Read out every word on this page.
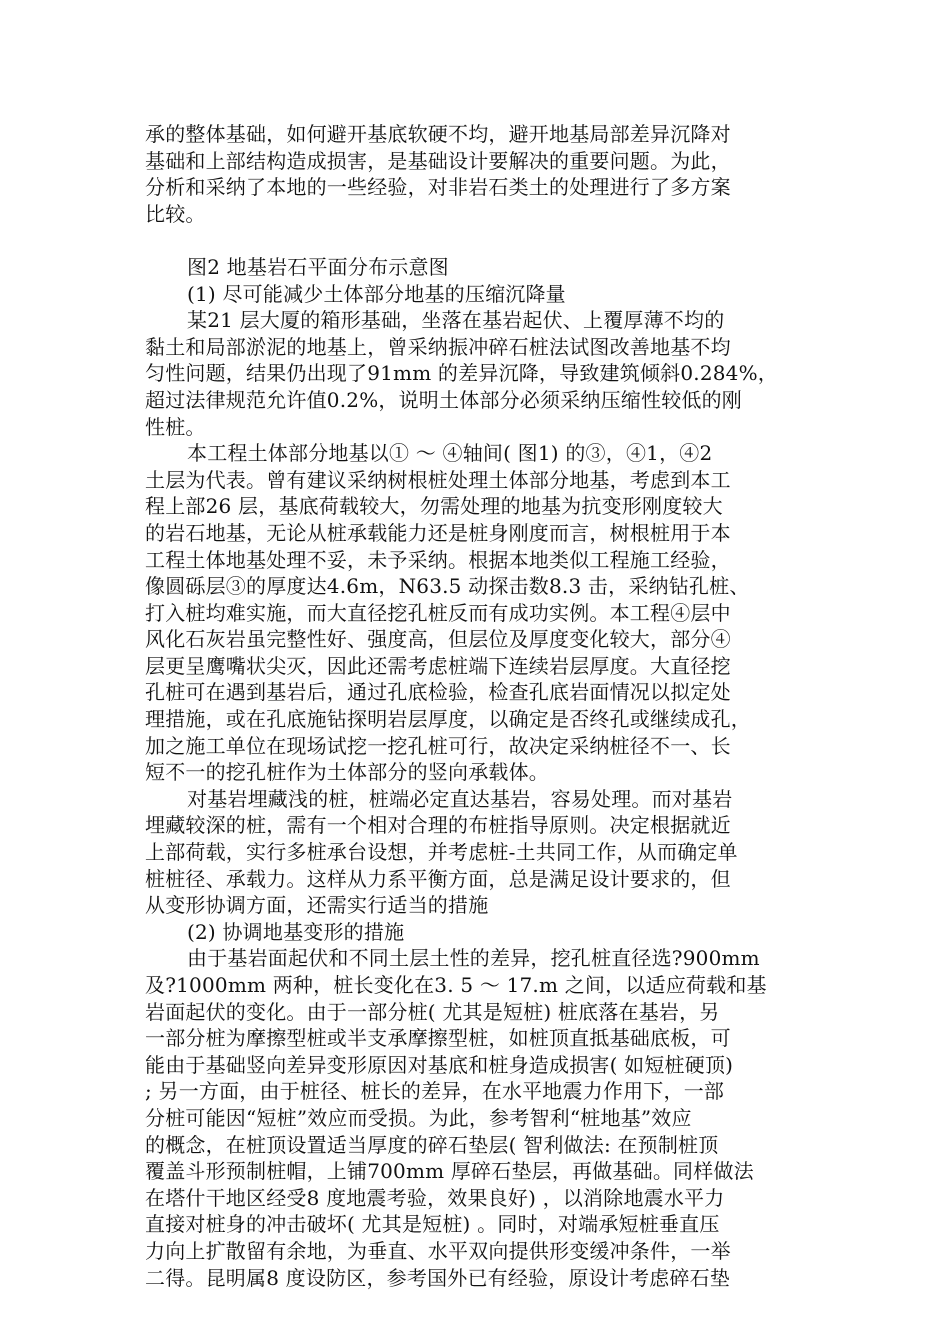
承的整体基础，如何避开基底软硬不均，避开地基局部差异沉降对
基础和上部结构造成损害，是基础设计要解决的重要问题。为此，
分析和采纳了本地的一些经验，对非岩石类土的处理进行了多方案
比较。
图2 地基岩石平面分布示意图
(1) 尽可能减少土体部分地基的压缩沉降量
某21 层大厦的箱形基础，坐落在基岩起伏、上覆厚薄不均的
黏土和局部淤泥的地基上，曾采纳振冲碎石桩法试图改善地基不均
匀性问题，结果仍出现了91mm 的差异沉降，导致建筑倾斜0.284%，
超过法律规范允许值0.2%，说明土体部分必须采纳压缩性较低的刚
性桩。
本工程土体部分地基以① ～ ④轴间( 图1) 的③，④1，④2
土层为代表。曾有建议采纳树根桩处理土体部分地基，考虑到本工
程上部26 层，基底荷载较大，勿需处理的地基为抗变形刚度较大
的岩石地基，无论从桩承载能力还是桩身刚度而言，树根桩用于本
工程土体地基处理不妥，未予采纳。根据本地类似工程施工经验，
像圆砾层③的厚度达4.6m，N63.5 动探击数8.3 击，采纳钻孔桩、
打入桩均难实施，而大直径挖孔桩反而有成功实例。本工程④层中
风化石灰岩虽完整性好、强度高，但层位及厚度变化较大，部分④
层更呈鹰嘴状尖灭，因此还需考虑桩端下连续岩层厚度。大直径挖
孔桩可在遇到基岩后，通过孔底检验，检查孔底岩面情况以拟定处
理措施，或在孔底施钻探明岩层厚度，以确定是否终孔或继续成孔，
加之施工单位在现场试挖一挖孔桩可行，故决定采纳桩径不一、长
短不一的挖孔桩作为土体部分的竖向承载体。
对基岩埋藏浅的桩，桩端必定直达基岩，容易处理。而对基岩
埋藏较深的桩，需有一个相对合理的布桩指导原则。决定根据就近
上部荷载，实行多桩承台设想，并考虑桩-土共同工作，从而确定单
桩桩径、承载力。这样从力系平衡方面，总是满足设计要求的，但
从变形协调方面，还需实行适当的措施
(2) 协调地基变形的措施
由于基岩面起伏和不同土层土性的差异，挖孔桩直径选?900mm
及?1000mm 两种，桩长变化在3. 5 ～ 17.m 之间，以适应荷载和基
岩面起伏的变化。由于一部分桩( 尤其是短桩) 桩底落在基岩，另
一部分桩为摩擦型桩或半支承摩擦型桩，如桩顶直抵基础底板，可
能由于基础竖向差异变形原因对基底和桩身造成损害( 如短桩硬顶)
; 另一方面，由于桩径、桩长的差异，在水平地震力作用下，一部
分桩可能因“短桩”效应而受损。为此，参考智利“桩地基”效应
的概念，在桩顶设置适当厚度的碎石垫层( 智利做法: 在预制桩顶
覆盖斗形预制桩帽，上铺700mm 厚碎石垫层，再做基础。同样做法
在塔什干地区经受8 度地震考验，效果良好) ，以消除地震水平力
直接对桩身的冲击破坏( 尤其是短桩) 。同时，对端承短桩垂直压
力向上扩散留有余地，为垂直、水平双向提供形变缓冲条件，一举
二得。昆明属8 度设防区，参考国外已有经验，原设计考虑碎石垫
